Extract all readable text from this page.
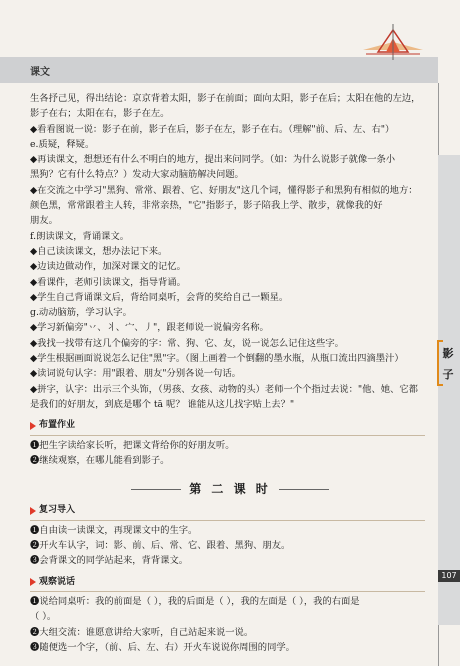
课文
影
子
107
生各抒己见，得出结论：京京背着太阳，影子在前面；面向太阳，影子在后；太阳在他的左边，
影子在右；太阳在右，影子在左。
◆看看图说一说：影子在前，影子在后，影子在左，影子在右。（理解"前、后、左、右"）
e.质疑，释疑。
◆再读课文，想想还有什么不明白的地方，提出来问同学。（如：为什么说影子就像一条小
黑狗？它有什么特点？）发动大家动脑筋解决问题。
◆在交流之中学习"黑狗、常常、跟着、它、好朋友"这几个词，懂得影子和黑狗有相似的地方：
颜色黑，常常跟着主人转，非常亲热，"它"指影子，影子陪我上学、散步，就像我的好
朋友。
f.朗读课文，背诵课文。
◆自己读读课文，想办法记下来。
◆边读边做动作，加深对课文的记忆。
◆看课件，老师引读课文，指导背诵。
◆学生自己背诵课文后，背给同桌听，会背的奖给自己一颗星。
g.动动脑筋，学习认字。
◆学习新偏旁"丷、丬、宀、丿"，跟老师说一说偏旁名称。
◆我找一找带有这几个偏旁的字：常、狗、它、友，说一说怎么记住这些字。
◆学生根据画面说说怎么记住"黑"字。（图上画着一个倒翻的墨水瓶，从瓶口流出四滴墨汁）
◆读词说句认字：用"跟着、朋友"分别各说一句话。
◆拼字，认字：出示三个头饰，（男孩、女孩、动物的头）老师一个个指过去说："他、她、它都
是我们的好朋友，到底是哪个 tā 呢？ 谁能从这儿找字贴上去？"
布置作业
❶把生字读给家长听，把课文背给你的好朋友听。
❷继续观察，在哪儿能看到影子。
第 二 课 时
复习导入
❶自由读一读课文，再现课文中的生字。
❷开火车认字，词：影、前、后、常、它、跟着、黑狗、朋友。
❸会背课文的同学站起来，背背课文。
观察说话
❶说给同桌听：我的前面是（ ），我的后面是（ ），我的左面是（ ），我的右面是
（ ）。
❷大组交流：谁愿意讲给大家听，自己站起来说一说。
❸随便选一个字，（前、后、左、右）开火车说说你周围的同学。
